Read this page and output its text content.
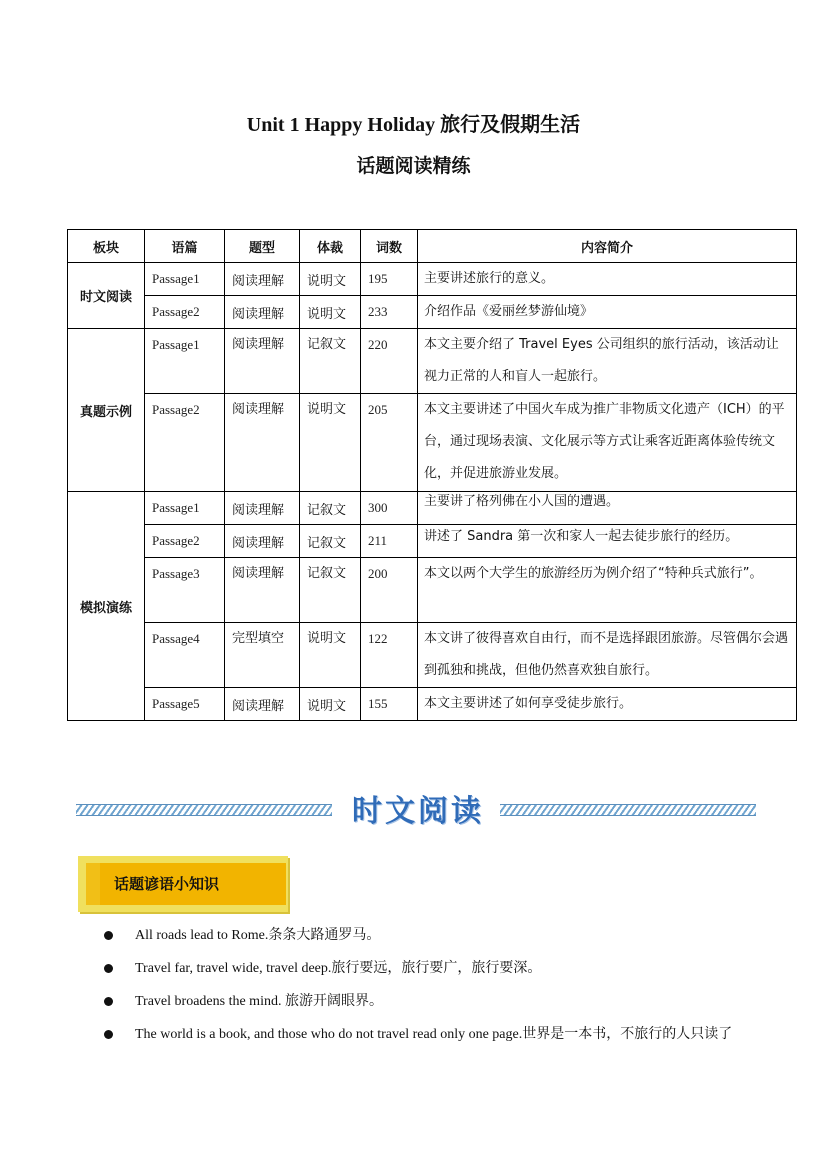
Unit 1 Happy Holiday 旅行及假期生活
话题阅读精练
板块	语篇	题型	体裁	词数	内容简介
时文阅读	Passage1	阅读理解	说明文	195	主要讲述旅行的意义。
	Passage2	阅读理解	说明文	233	介绍作品《爱丽丝梦游仙境》
真题示例	Passage1	阅读理解	记叙文	220	本文主要介绍了 Travel Eyes 公司组织的旅行活动，该活动让视力正常的人和盲人一起旅行。
	Passage2	阅读理解	说明文	205	本文主要讲述了中国火车成为推广非物质文化遗产（ICH）的平台，通过现场表演、文化展示等方式让乘客近距离体验传统文化，并促进旅游业发展。
模拟演练	Passage1	阅读理解	记叙文	300	主要讲了格列佛在小人国的遭遇。
	Passage2	阅读理解	记叙文	211	讲述了 Sandra 第一次和家人一起去徒步旅行的经历。
	Passage3	阅读理解	记叙文	200	本文以两个大学生的旅游经历为例介绍了“特种兵式旅行”。
	Passage4	完型填空	说明文	122	本文讲了彼得喜欢自由行，而不是选择跟团旅游。尽管偶尔会遇到孤独和挑战，但他仍然喜欢独自旅行。
	Passage5	阅读理解	说明文	155	本文主要讲述了如何享受徒步旅行。
时文阅读
话题谚语小知识
All roads lead to Rome.条条大路通罗马。
Travel far, travel wide, travel deep.旅行要远，旅行要广，旅行要深。
Travel broadens the mind. 旅游开阔眼界。
The world is a book, and those who do not travel read only one page.世界是一本书，不旅行的人只读了
